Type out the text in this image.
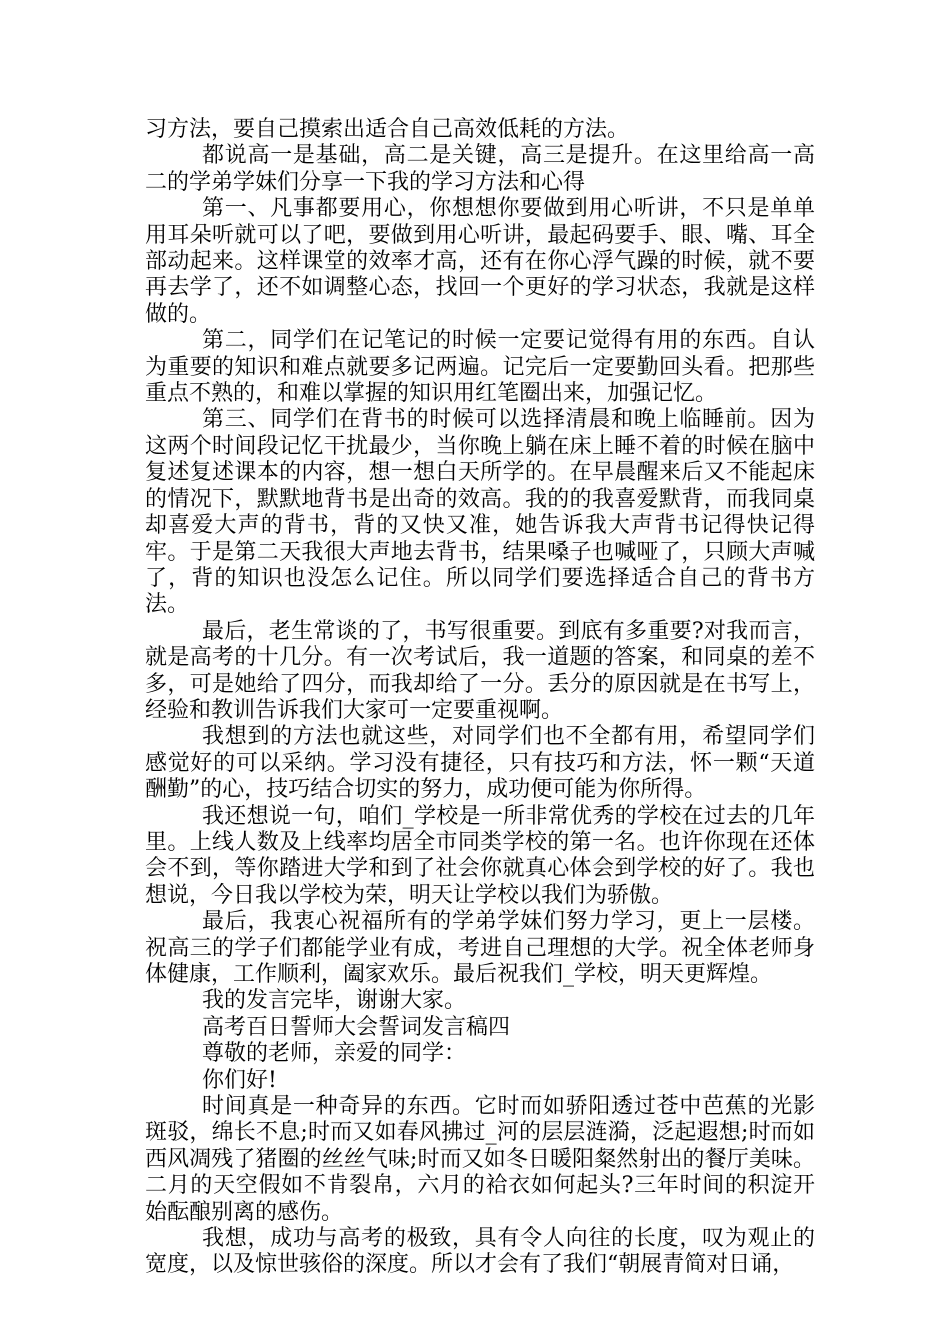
习方法，要自己摸索出适合自己高效低耗的方法。

都说高一是基础，高二是关键，高三是提升。在这里给高一高二的学弟学妹们分享一下我的学习方法和心得

第一、凡事都要用心，你想想你要做到用心听讲，不只是单单用耳朵听就可以了吧，要做到用心听讲，最起码要手、眼、嘴、耳全部动起来。这样课堂的效率才高，还有在你心浮气躁的时候，就不要再去学了，还不如调整心态，找回一个更好的学习状态，我就是这样做的。

第二，同学们在记笔记的时候一定要记觉得有用的东西。自认为重要的知识和难点就要多记两遍。记完后一定要勤回头看。把那些重点不熟的，和难以掌握的知识用红笔圈出来，加强记忆。

第三、同学们在背书的时候可以选择清晨和晚上临睡前。因为这两个时间段记忆干扰最少，当你晚上躺在床上睡不着的时候在脑中复述复述课本的内容，想一想白天所学的。在早晨醒来后又不能起床的情况下，默默地背书是出奇的效高。我的的我喜爱默背，而我同桌却喜爱大声的背书，背的又快又准，她告诉我大声背书记得快记得牢。于是第二天我很大声地去背书，结果嗓子也喊哑了，只顾大声喊了，背的知识也没怎么记住。所以同学们要选择适合自己的背书方法。

最后，老生常谈的了，书写很重要。到底有多重要?对我而言，就是高考的十几分。有一次考试后，我一道题的答案，和同桌的差不多，可是她给了四分，而我却给了一分。丢分的原因就是在书写上，经验和教训告诉我们大家可一定要重视啊。

我想到的方法也就这些，对同学们也不全都有用，希望同学们感觉好的可以采纳。学习没有捷径，只有技巧和方法，怀一颗“天道酬勤”的心，技巧结合切实的努力，成功便可能为你所得。

我还想说一句，咱们_学校是一所非常优秀的学校在过去的几年里。上线人数及上线率均居全市同类学校的第一名。也许你现在还体会不到，等你踏进大学和到了社会你就真心体会到学校的好了。我也想说，今日我以学校为荣，明天让学校以我们为骄傲。

最后，我衷心祝福所有的学弟学妹们努力学习，更上一层楼。祝高三的学子们都能学业有成，考进自己理想的大学。祝全体老师身体健康，工作顺利，阖家欢乐。最后祝我们_学校，明天更辉煌。

我的发言完毕，谢谢大家。

高考百日誓师大会誓词发言稿四

尊敬的老师，亲爱的同学：

你们好!

时间真是一种奇异的东西。它时而如骄阳透过苍中芭蕉的光影斑驳，绵长不息;时而又如春风拂过_河的层层涟漪，泛起遐想;时而如西风凋残了猪圈的丝丝气味;时而又如冬日暖阳粲然射出的餐厅美味。二月的天空假如不肯裂帛，六月的袷衣如何起头?三年时间的积淀开始酝酿别离的感伤。

我想，成功与高考的极致，具有令人向往的长度，叹为观止的宽度，以及惊世骇俗的深度。所以才会有了我们“朝展青简对日诵，
